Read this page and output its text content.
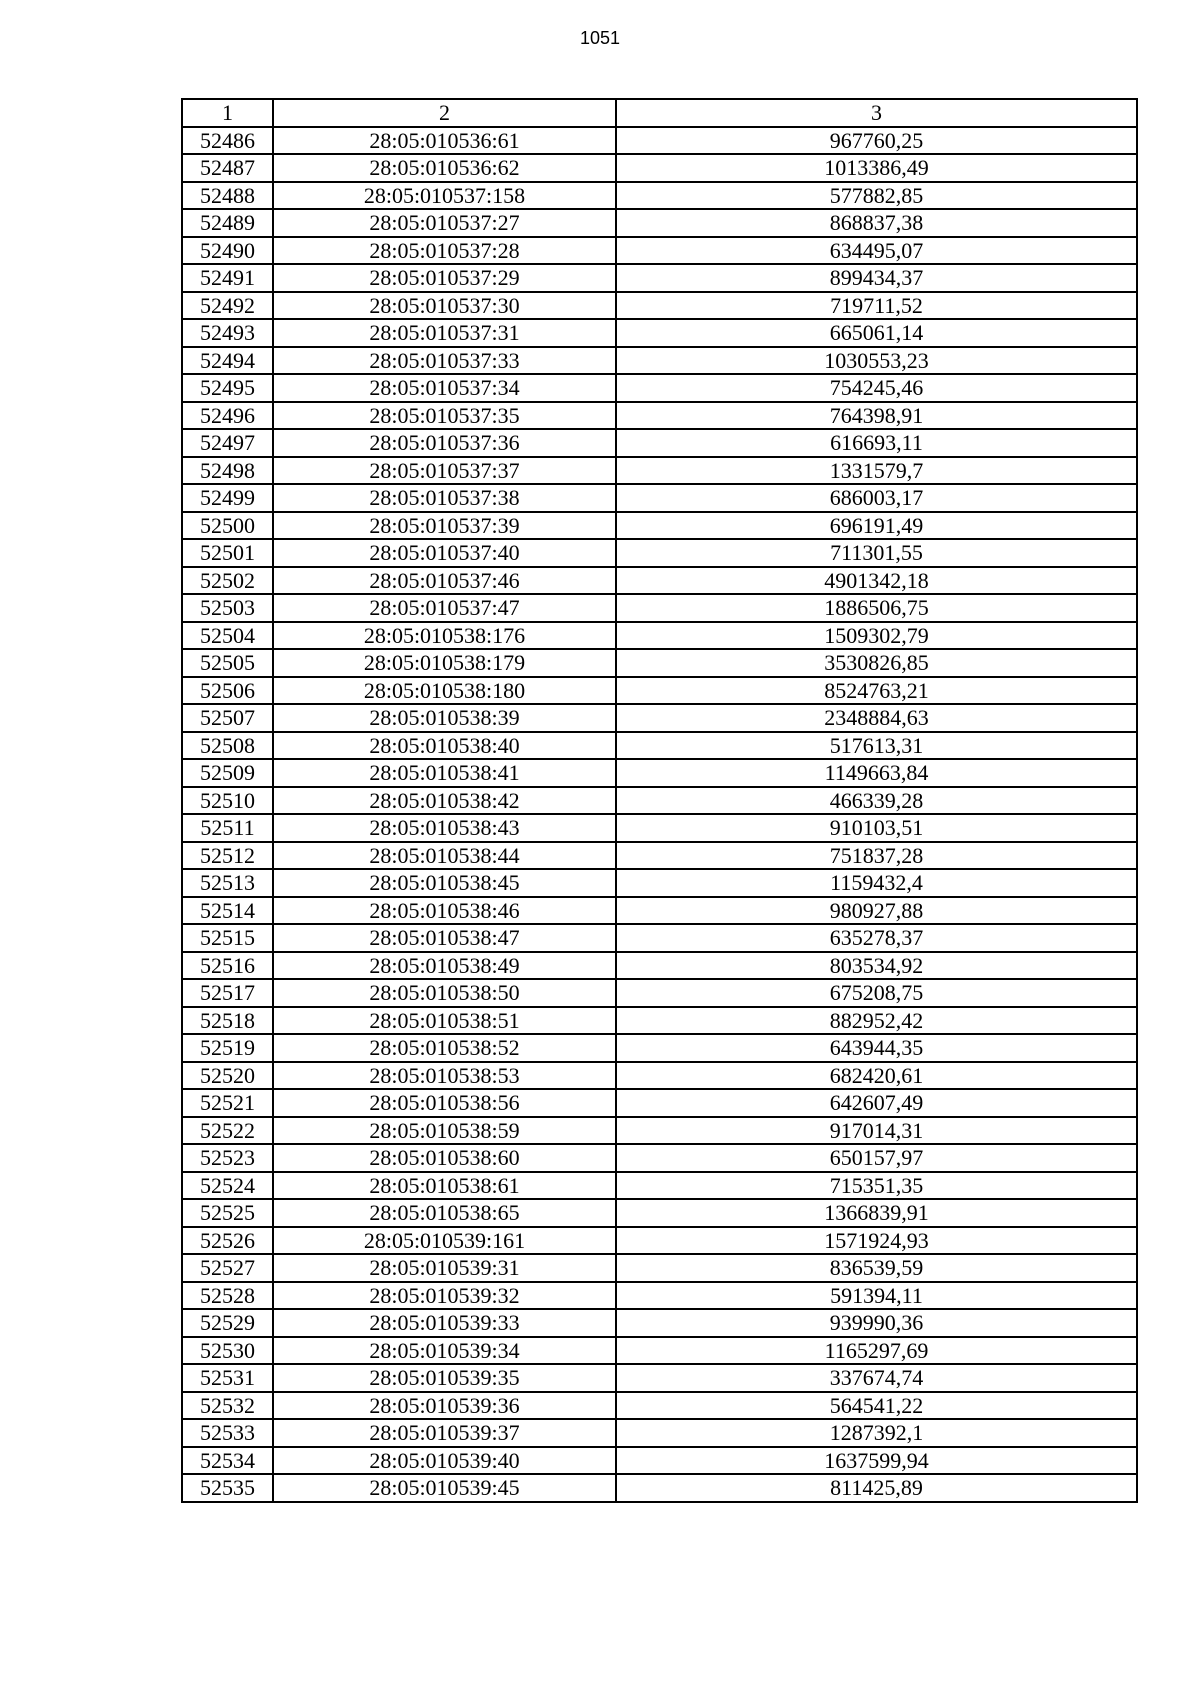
1051
1	2	3
52486	28:05:010536:61	967760,25
52487	28:05:010536:62	1013386,49
52488	28:05:010537:158	577882,85
52489	28:05:010537:27	868837,38
52490	28:05:010537:28	634495,07
52491	28:05:010537:29	899434,37
52492	28:05:010537:30	719711,52
52493	28:05:010537:31	665061,14
52494	28:05:010537:33	1030553,23
52495	28:05:010537:34	754245,46
52496	28:05:010537:35	764398,91
52497	28:05:010537:36	616693,11
52498	28:05:010537:37	1331579,7
52499	28:05:010537:38	686003,17
52500	28:05:010537:39	696191,49
52501	28:05:010537:40	711301,55
52502	28:05:010537:46	4901342,18
52503	28:05:010537:47	1886506,75
52504	28:05:010538:176	1509302,79
52505	28:05:010538:179	3530826,85
52506	28:05:010538:180	8524763,21
52507	28:05:010538:39	2348884,63
52508	28:05:010538:40	517613,31
52509	28:05:010538:41	1149663,84
52510	28:05:010538:42	466339,28
52511	28:05:010538:43	910103,51
52512	28:05:010538:44	751837,28
52513	28:05:010538:45	1159432,4
52514	28:05:010538:46	980927,88
52515	28:05:010538:47	635278,37
52516	28:05:010538:49	803534,92
52517	28:05:010538:50	675208,75
52518	28:05:010538:51	882952,42
52519	28:05:010538:52	643944,35
52520	28:05:010538:53	682420,61
52521	28:05:010538:56	642607,49
52522	28:05:010538:59	917014,31
52523	28:05:010538:60	650157,97
52524	28:05:010538:61	715351,35
52525	28:05:010538:65	1366839,91
52526	28:05:010539:161	1571924,93
52527	28:05:010539:31	836539,59
52528	28:05:010539:32	591394,11
52529	28:05:010539:33	939990,36
52530	28:05:010539:34	1165297,69
52531	28:05:010539:35	337674,74
52532	28:05:010539:36	564541,22
52533	28:05:010539:37	1287392,1
52534	28:05:010539:40	1637599,94
52535	28:05:010539:45	811425,89
